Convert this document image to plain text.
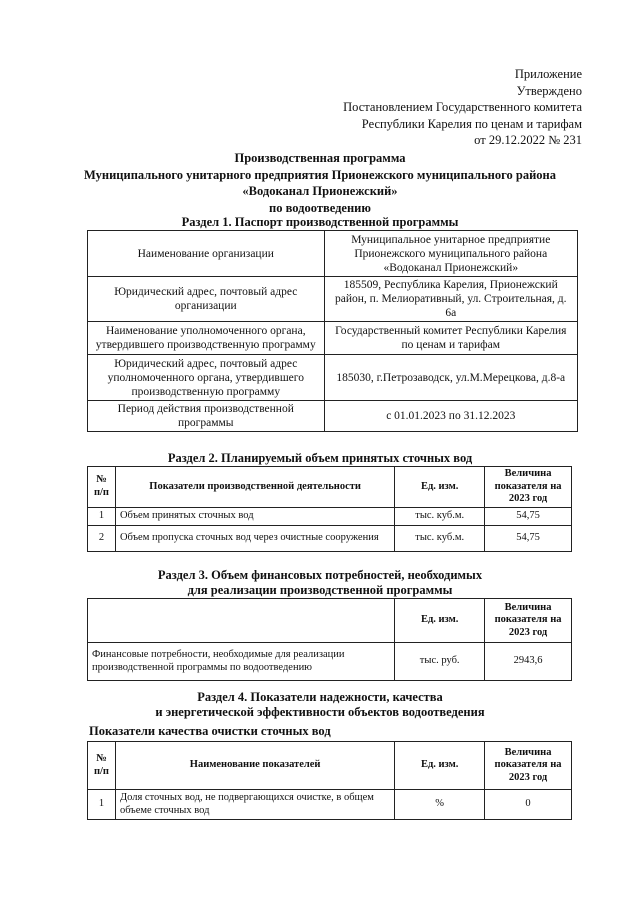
Приложение
Утверждено
Постановлением Государственного комитета
Республики Карелия по ценам и тарифам
от 29.12.2022 № 231
Производственная программа
Муниципального унитарного предприятия Прионежского муниципального района
«Водоканал Прионежский»
по водоотведению
Раздел 1. Паспорт производственной программы
Наименование организации	Муниципальное унитарное предприятие Прионежского муниципального района «Водоканал Прионежский»
Юридический адрес, почтовый адрес организации	185509, Республика Карелия, Прионежский район, п. Мелиоративный, ул. Строительная, д. 6а
Наименование уполномоченного органа, утвердившего производственную программу	Государственный комитет Республики Карелия по ценам и тарифам
Юридический адрес, почтовый адрес уполномоченного органа, утвердившего производственную программу	185030, г.Петрозаводск, ул.М.Мерецкова, д.8-а
Период действия производственной программы	с 01.01.2023 по 31.12.2023
Раздел 2. Планируемый объем принятых сточных вод
№ п/п	Показатели производственной деятельности	Ед. изм.	Величина показателя на 2023 год
1	Объем принятых сточных вод	тыс. куб.м.	54,75
2	Объем пропуска сточных вод через очистные сооружения	тыс. куб.м.	54,75
Раздел 3. Объем финансовых потребностей, необходимых
для реализации производственной программы
	Ед. изм.	Величина показателя на 2023 год
Финансовые потребности, необходимые для реализации производственной программы по водоотведению	тыс. руб.	2943,6
Раздел 4. Показатели надежности, качества
и энергетической эффективности объектов водоотведения
Показатели качества очистки сточных вод
№ п/п	Наименование показателей	Ед. изм.	Величина показателя на 2023 год
1	Доля сточных вод, не подвергающихся очистке, в общем объеме сточных вод	%	0
